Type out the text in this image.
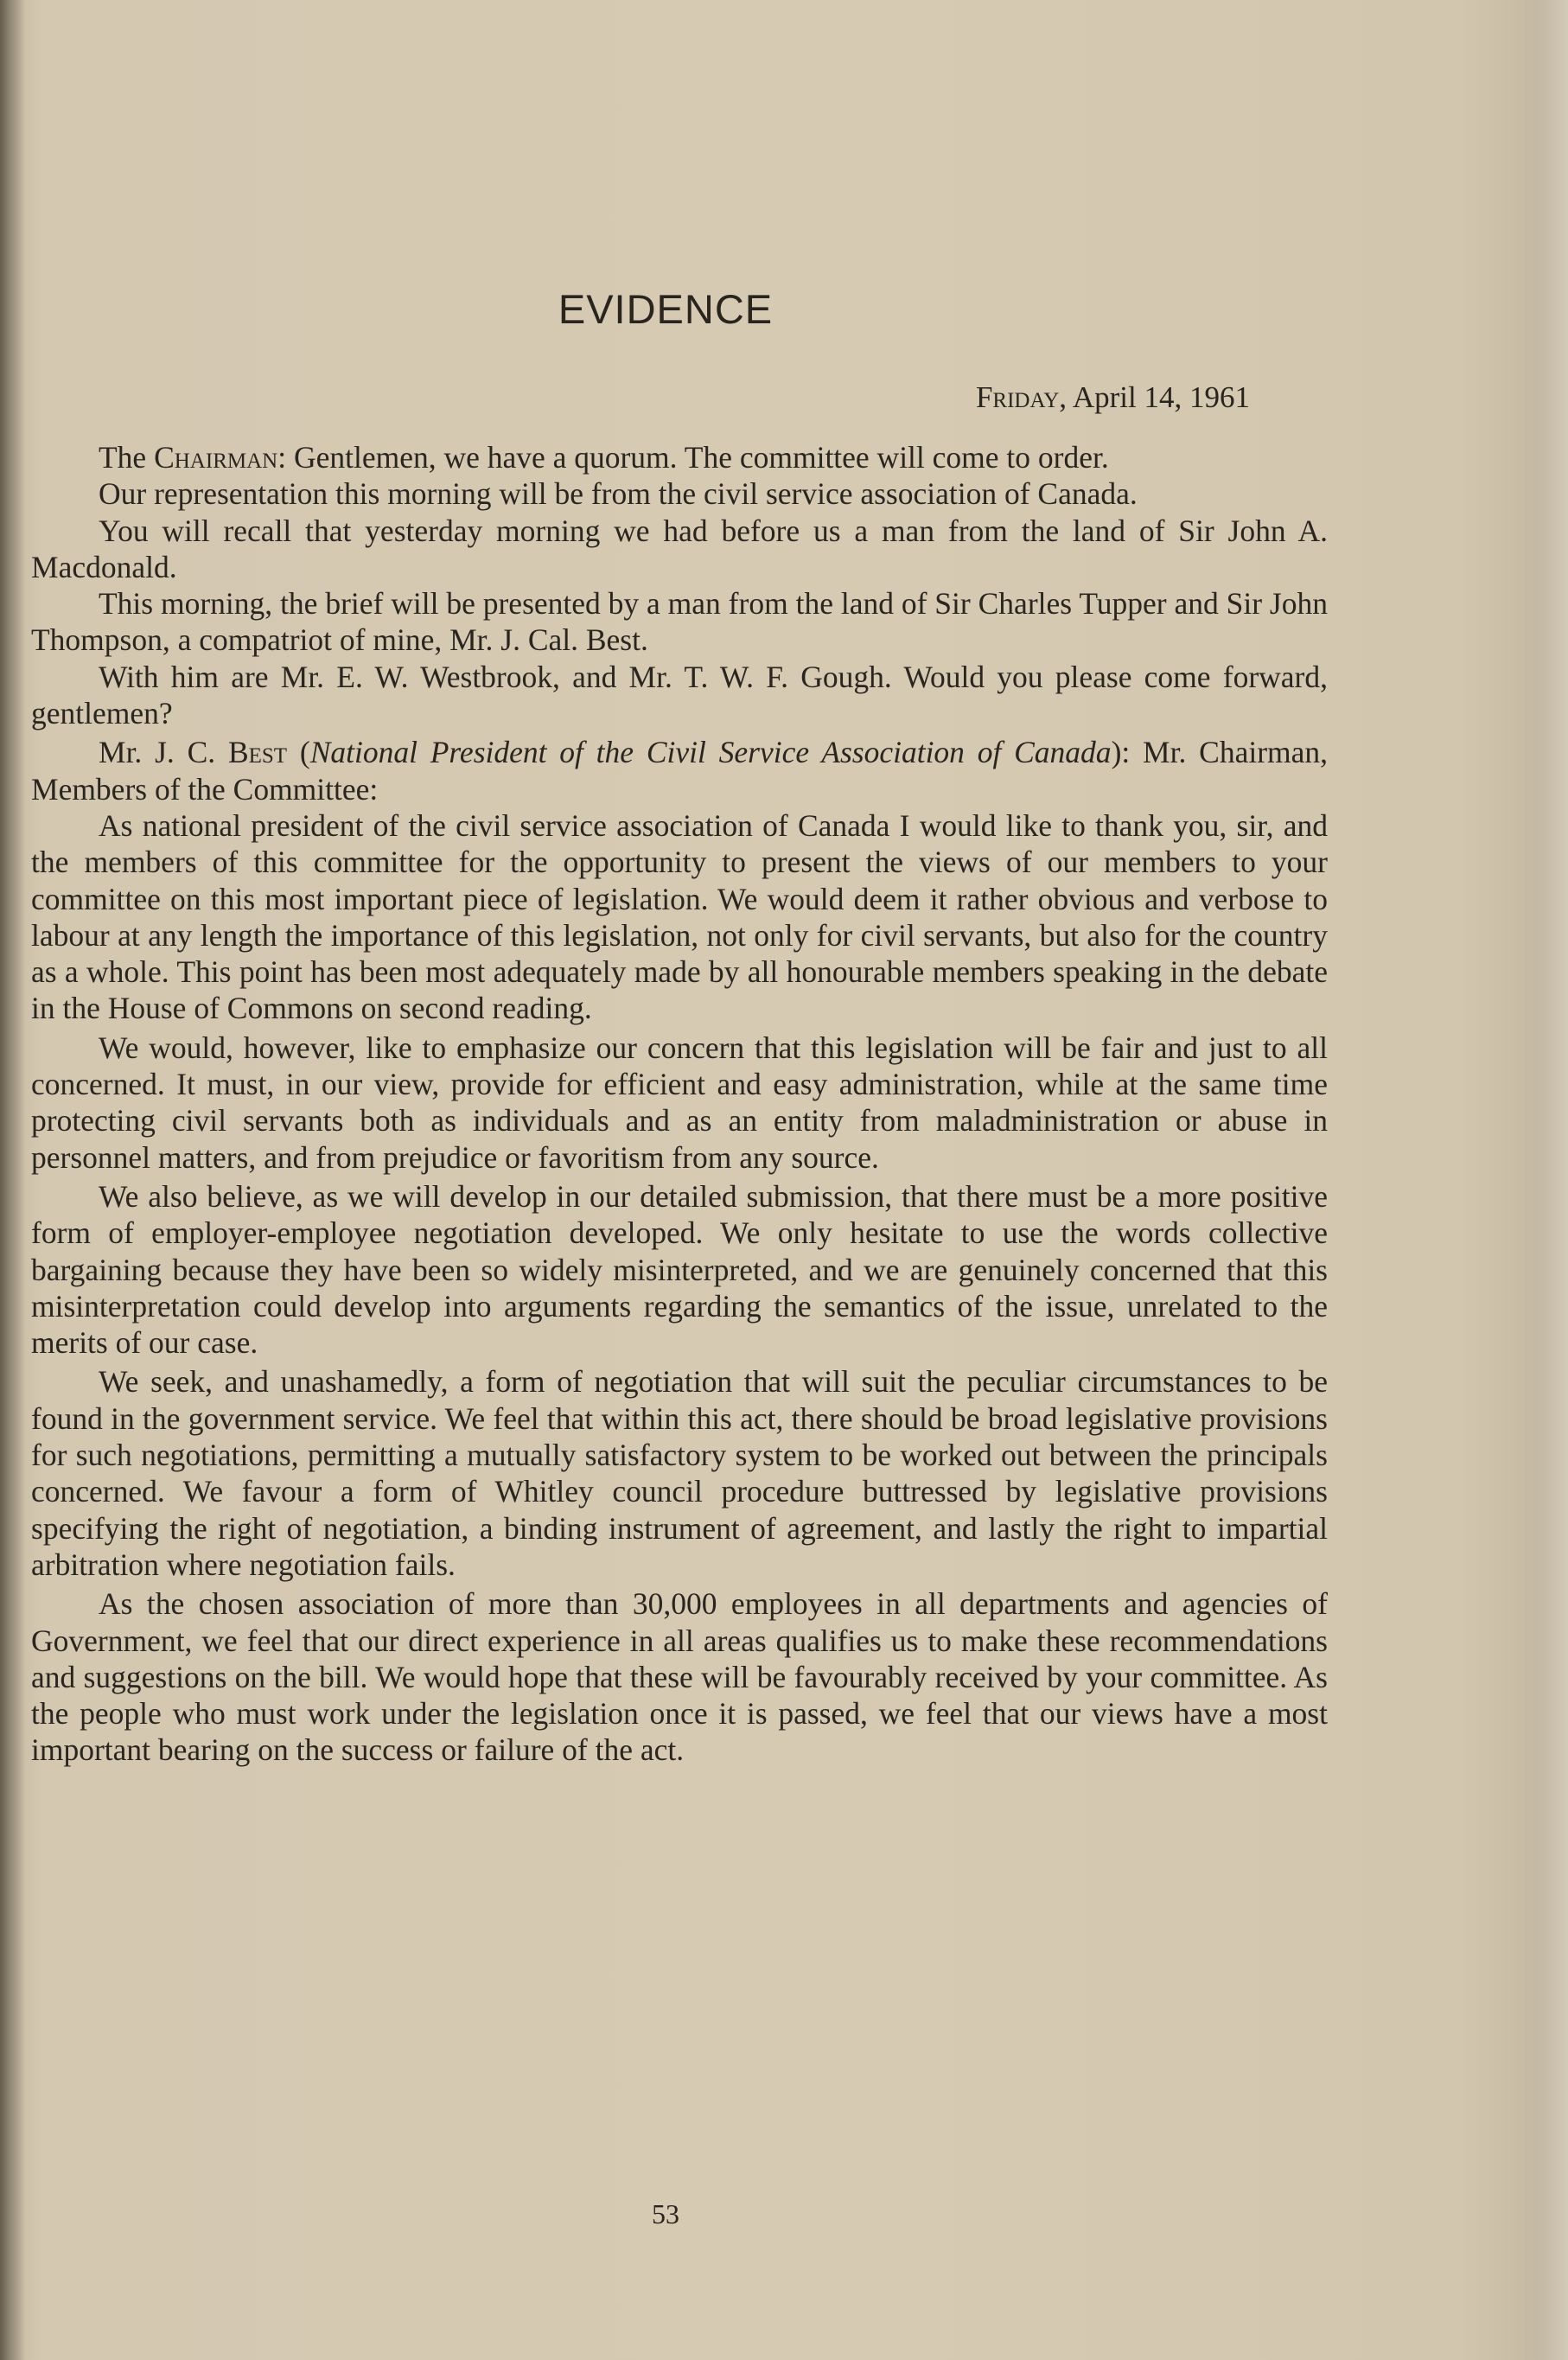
EVIDENCE
Friday, April 14, 1961

The Chairman: Gentlemen, we have a quorum. The committee will come to order.

Our representation this morning will be from the civil service association of Canada.

You will recall that yesterday morning we had before us a man from the land of Sir John A. Macdonald.

This morning, the brief will be presented by a man from the land of Sir Charles Tupper and Sir John Thompson, a compatriot of mine, Mr. J. Cal. Best.

With him are Mr. E. W. Westbrook, and Mr. T. W. F. Gough. Would you please come forward, gentlemen?

Mr. J. C. Best (National President of the Civil Service Association of Canada): Mr. Chairman, Members of the Committee:

As national president of the civil service association of Canada I would like to thank you, sir, and the members of this committee for the opportunity to present the views of our members to your committee on this most important piece of legislation. We would deem it rather obvious and verbose to labour at any length the importance of this legislation, not only for civil servants, but also for the country as a whole. This point has been most adequately made by all honourable members speaking in the debate in the House of Commons on second reading.

We would, however, like to emphasize our concern that this legislation will be fair and just to all concerned. It must, in our view, provide for efficient and easy administration, while at the same time protecting civil servants both as individuals and as an entity from maladministration or abuse in personnel matters, and from prejudice or favoritism from any source.

We also believe, as we will develop in our detailed submission, that there must be a more positive form of employer-employee negotiation developed. We only hesitate to use the words collective bargaining because they have been so widely misinterpreted, and we are genuinely concerned that this misinterpretation could develop into arguments regarding the semantics of the issue, unrelated to the merits of our case.

We seek, and unashamedly, a form of negotiation that will suit the peculiar circumstances to be found in the government service. We feel that within this act, there should be broad legislative provisions for such negotiations, permitting a mutually satisfactory system to be worked out between the principals concerned. We favour a form of Whitley council procedure buttressed by legislative provisions specifying the right of negotiation, a binding instrument of agreement, and lastly the right to impartial arbitration where negotiation fails.

As the chosen association of more than 30,000 employees in all departments and agencies of Government, we feel that our direct experience in all areas qualifies us to make these recommendations and suggestions on the bill. We would hope that these will be favourably received by your committee. As the people who must work under the legislation once it is passed, we feel that our views have a most important bearing on the success or failure of the act.

53
